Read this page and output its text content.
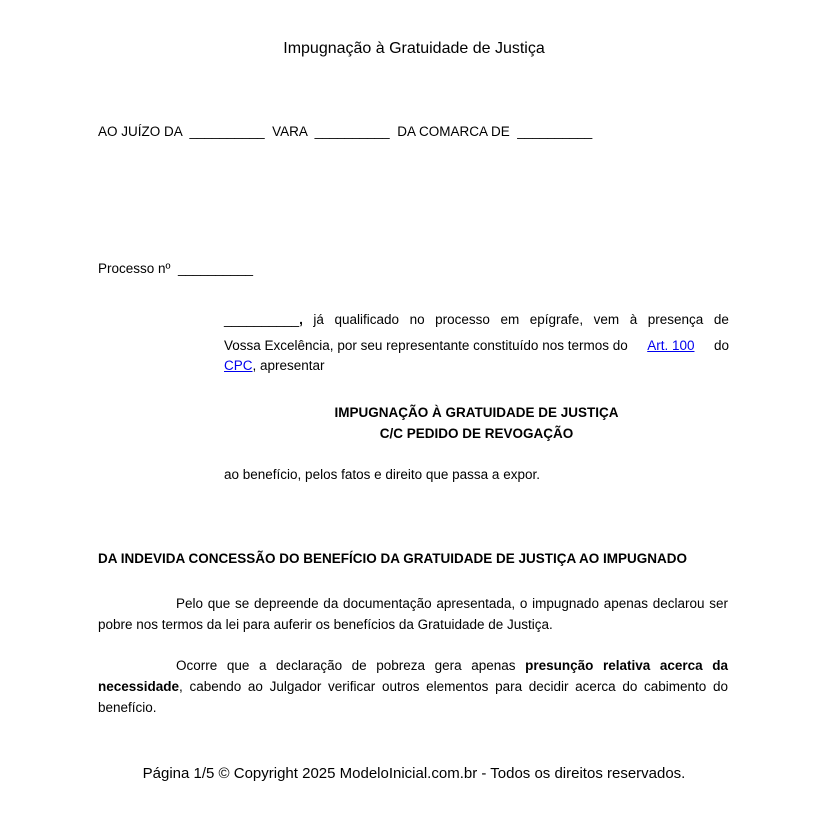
Impugnação à Gratuidade de Justiça
AO JUÍZO DA  __________  VARA  __________  DA COMARCA DE  __________
Processo nº  __________
__________, já qualificado no processo em epígrafe, vem à presença de
Vossa Excelência, por seu representante constituído nos termos do Art. 100 do
CPC, apresentar
IMPUGNAÇÃO À GRATUIDADE DE JUSTIÇA
C/C PEDIDO DE REVOGAÇÃO
ao benefício, pelos fatos e direito que passa a expor.
DA INDEVIDA CONCESSÃO DO BENEFÍCIO DA GRATUIDADE DE JUSTIÇA AO IMPUGNADO
Pelo que se depreende da documentação apresentada, o impugnado apenas declarou ser pobre nos termos da lei para auferir os benefícios da Gratuidade de Justiça.
Ocorre que a declaração de pobreza gera apenas presunção relativa acerca da necessidade, cabendo ao Julgador verificar outros elementos para decidir acerca do cabimento do benefício.
Página 1/5 © Copyright 2025 ModeloInicial.com.br - Todos os direitos reservados.
